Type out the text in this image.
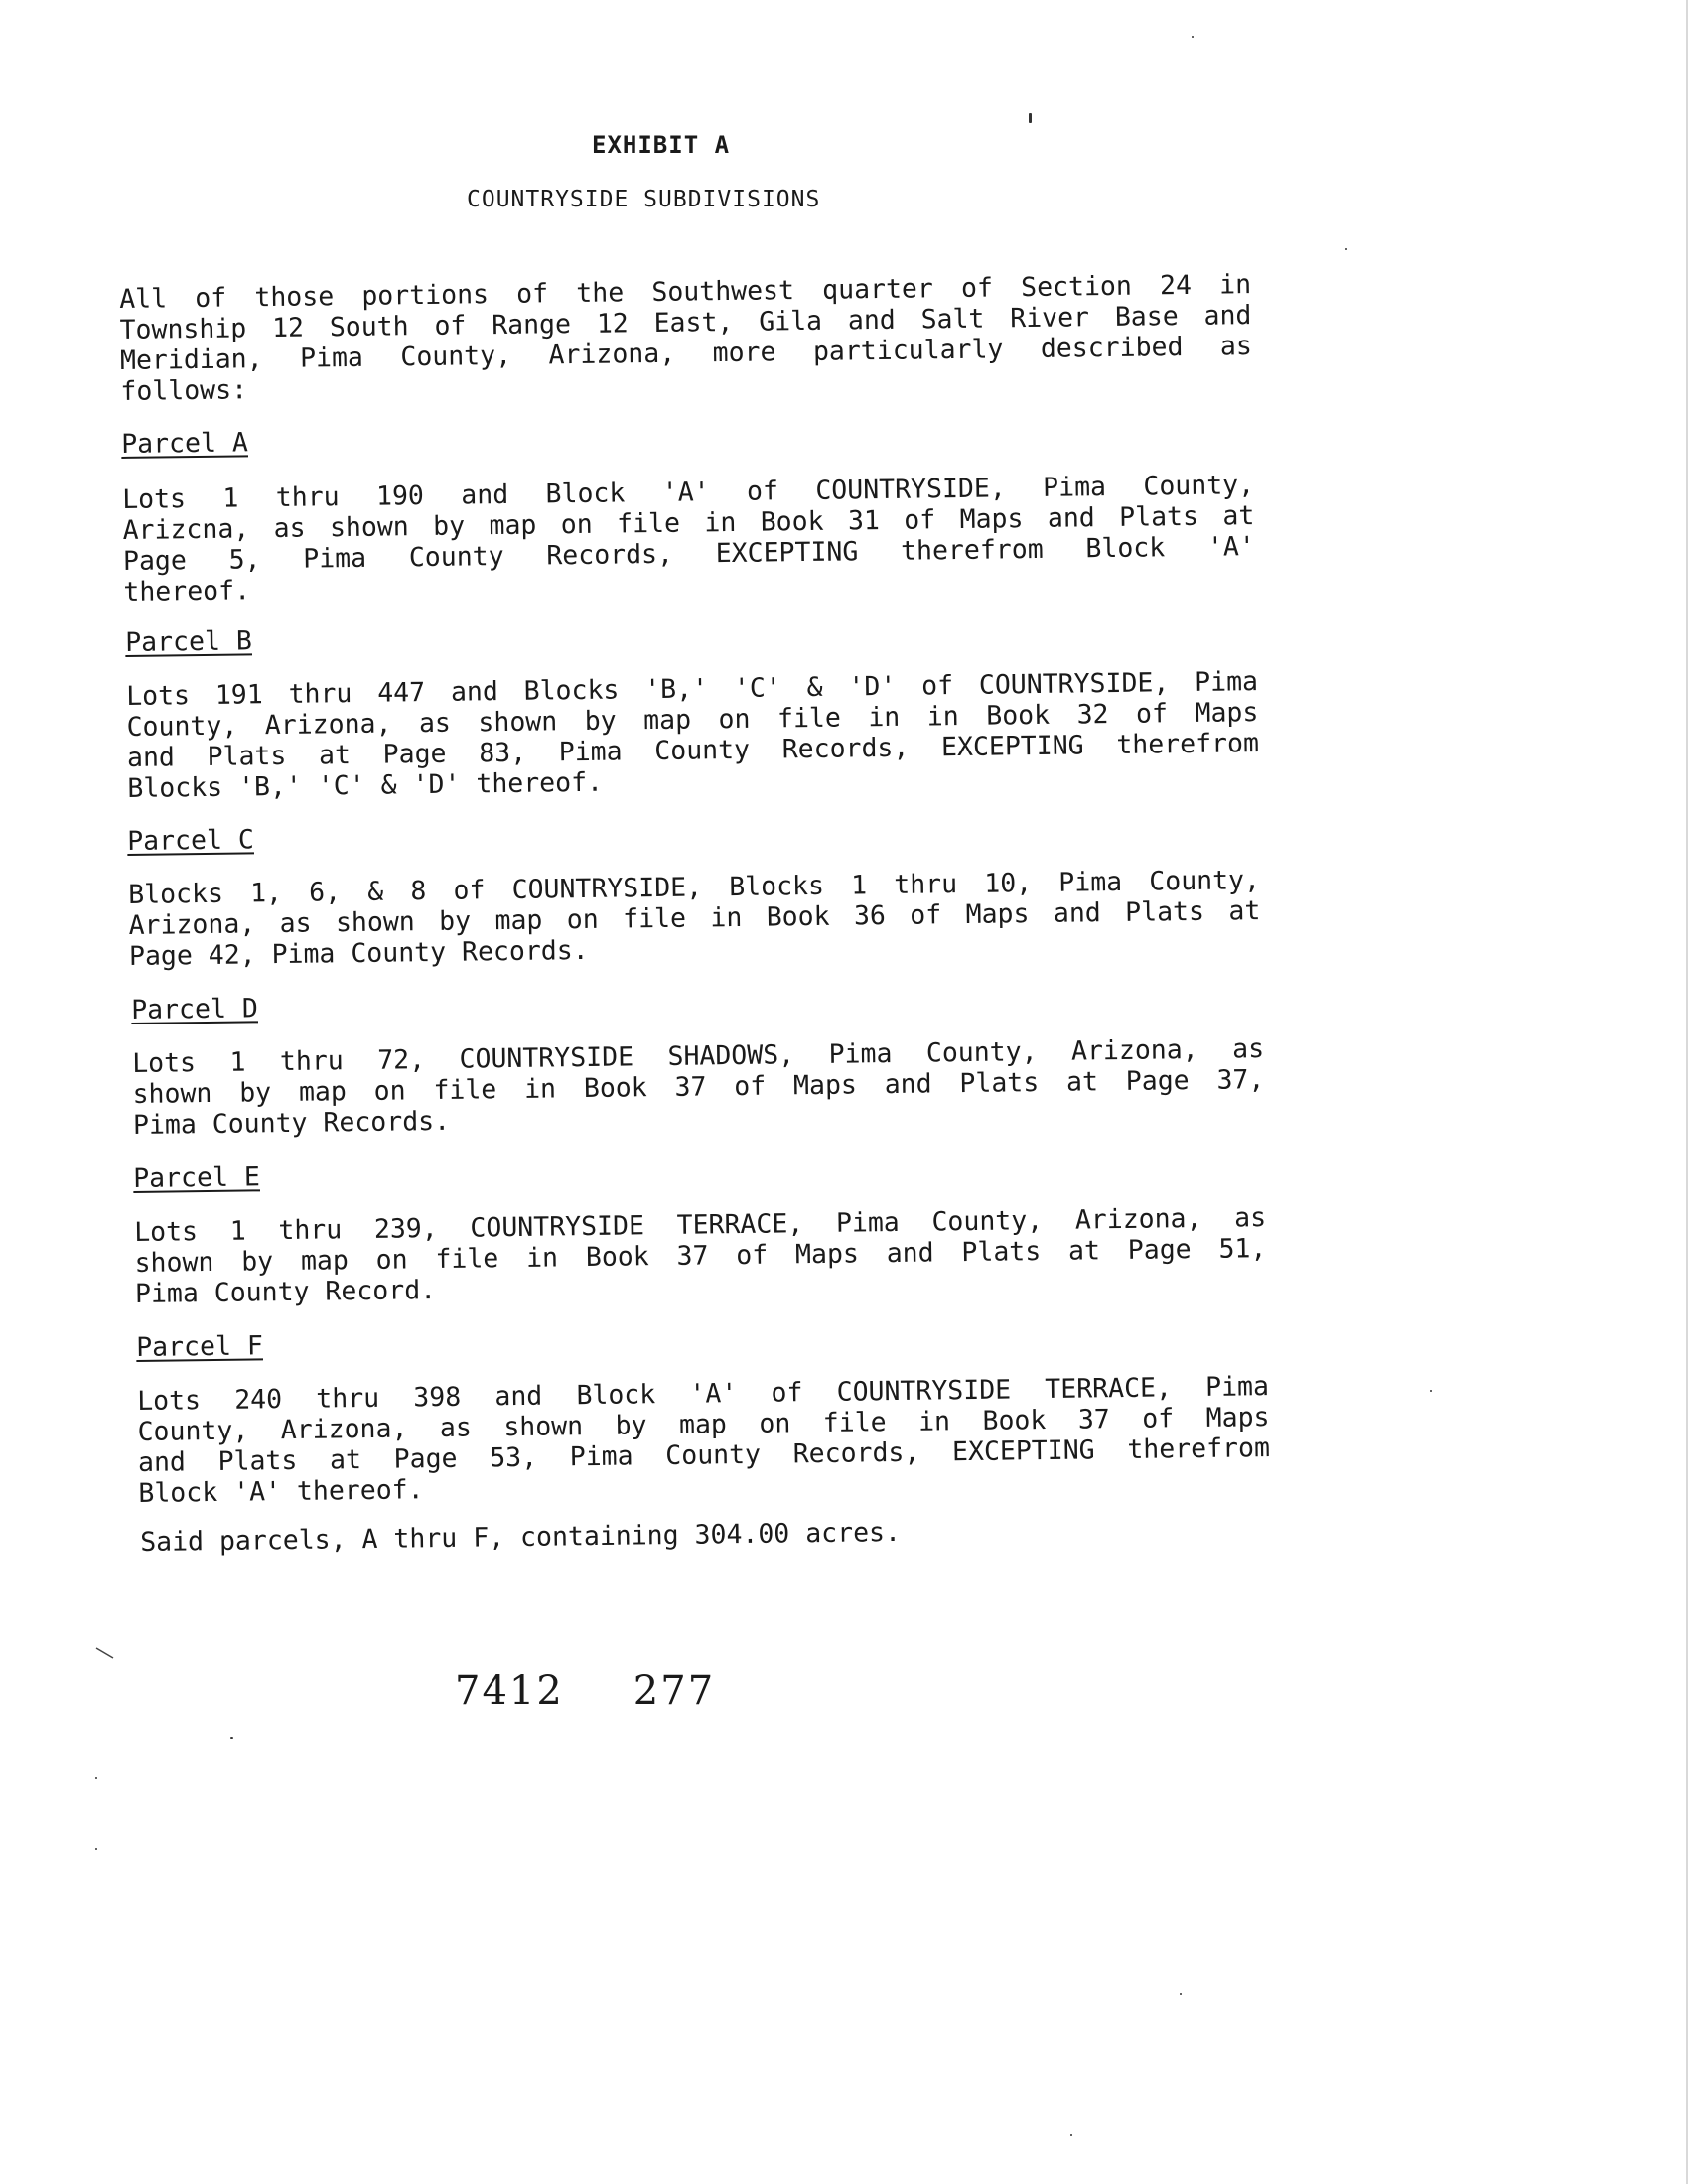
EXHIBIT A
COUNTRYSIDE SUBDIVISIONS
All of those portions of the Southwest quarter of Section 24 in
Township 12 South of Range 12 East, Gila and Salt River Base and
Meridian, Pima County, Arizona, more particularly described as
follows:
Parcel A
Lots 1 thru 190 and Block 'A' of COUNTRYSIDE, Pima County,
Arizcna, as shown by map on file in Book 31 of Maps and Plats at
Page 5, Pima County Records, EXCEPTING therefrom Block 'A'
thereof.
Parcel B
Lots 191 thru 447 and Blocks 'B,' 'C' & 'D' of COUNTRYSIDE, Pima
County, Arizona, as shown by map on file in in Book 32 of Maps
and Plats at Page 83, Pima County Records, EXCEPTING therefrom
Blocks 'B,' 'C' & 'D' thereof.
Parcel C
Blocks 1, 6, & 8 of COUNTRYSIDE, Blocks 1 thru 10, Pima County,
Arizona, as shown by map on file in Book 36 of Maps and Plats at
Page 42, Pima County Records.
Parcel D
Lots 1 thru 72, COUNTRYSIDE SHADOWS, Pima County, Arizona, as
shown by map on file in Book 37 of Maps and Plats at Page 37,
Pima County Records.
Parcel E
Lots 1 thru 239, COUNTRYSIDE TERRACE, Pima County, Arizona, as
shown by map on file in Book 37 of Maps and Plats at Page 51,
Pima County Record.
Parcel F
Lots 240 thru 398 and Block 'A' of COUNTRYSIDE TERRACE, Pima
County, Arizona, as shown by map on file in Book 37 of Maps
and Plats at Page 53, Pima County Records, EXCEPTING therefrom
Block 'A' thereof.
Said parcels, A thru F, containing 304.00 acres.
7412 277
